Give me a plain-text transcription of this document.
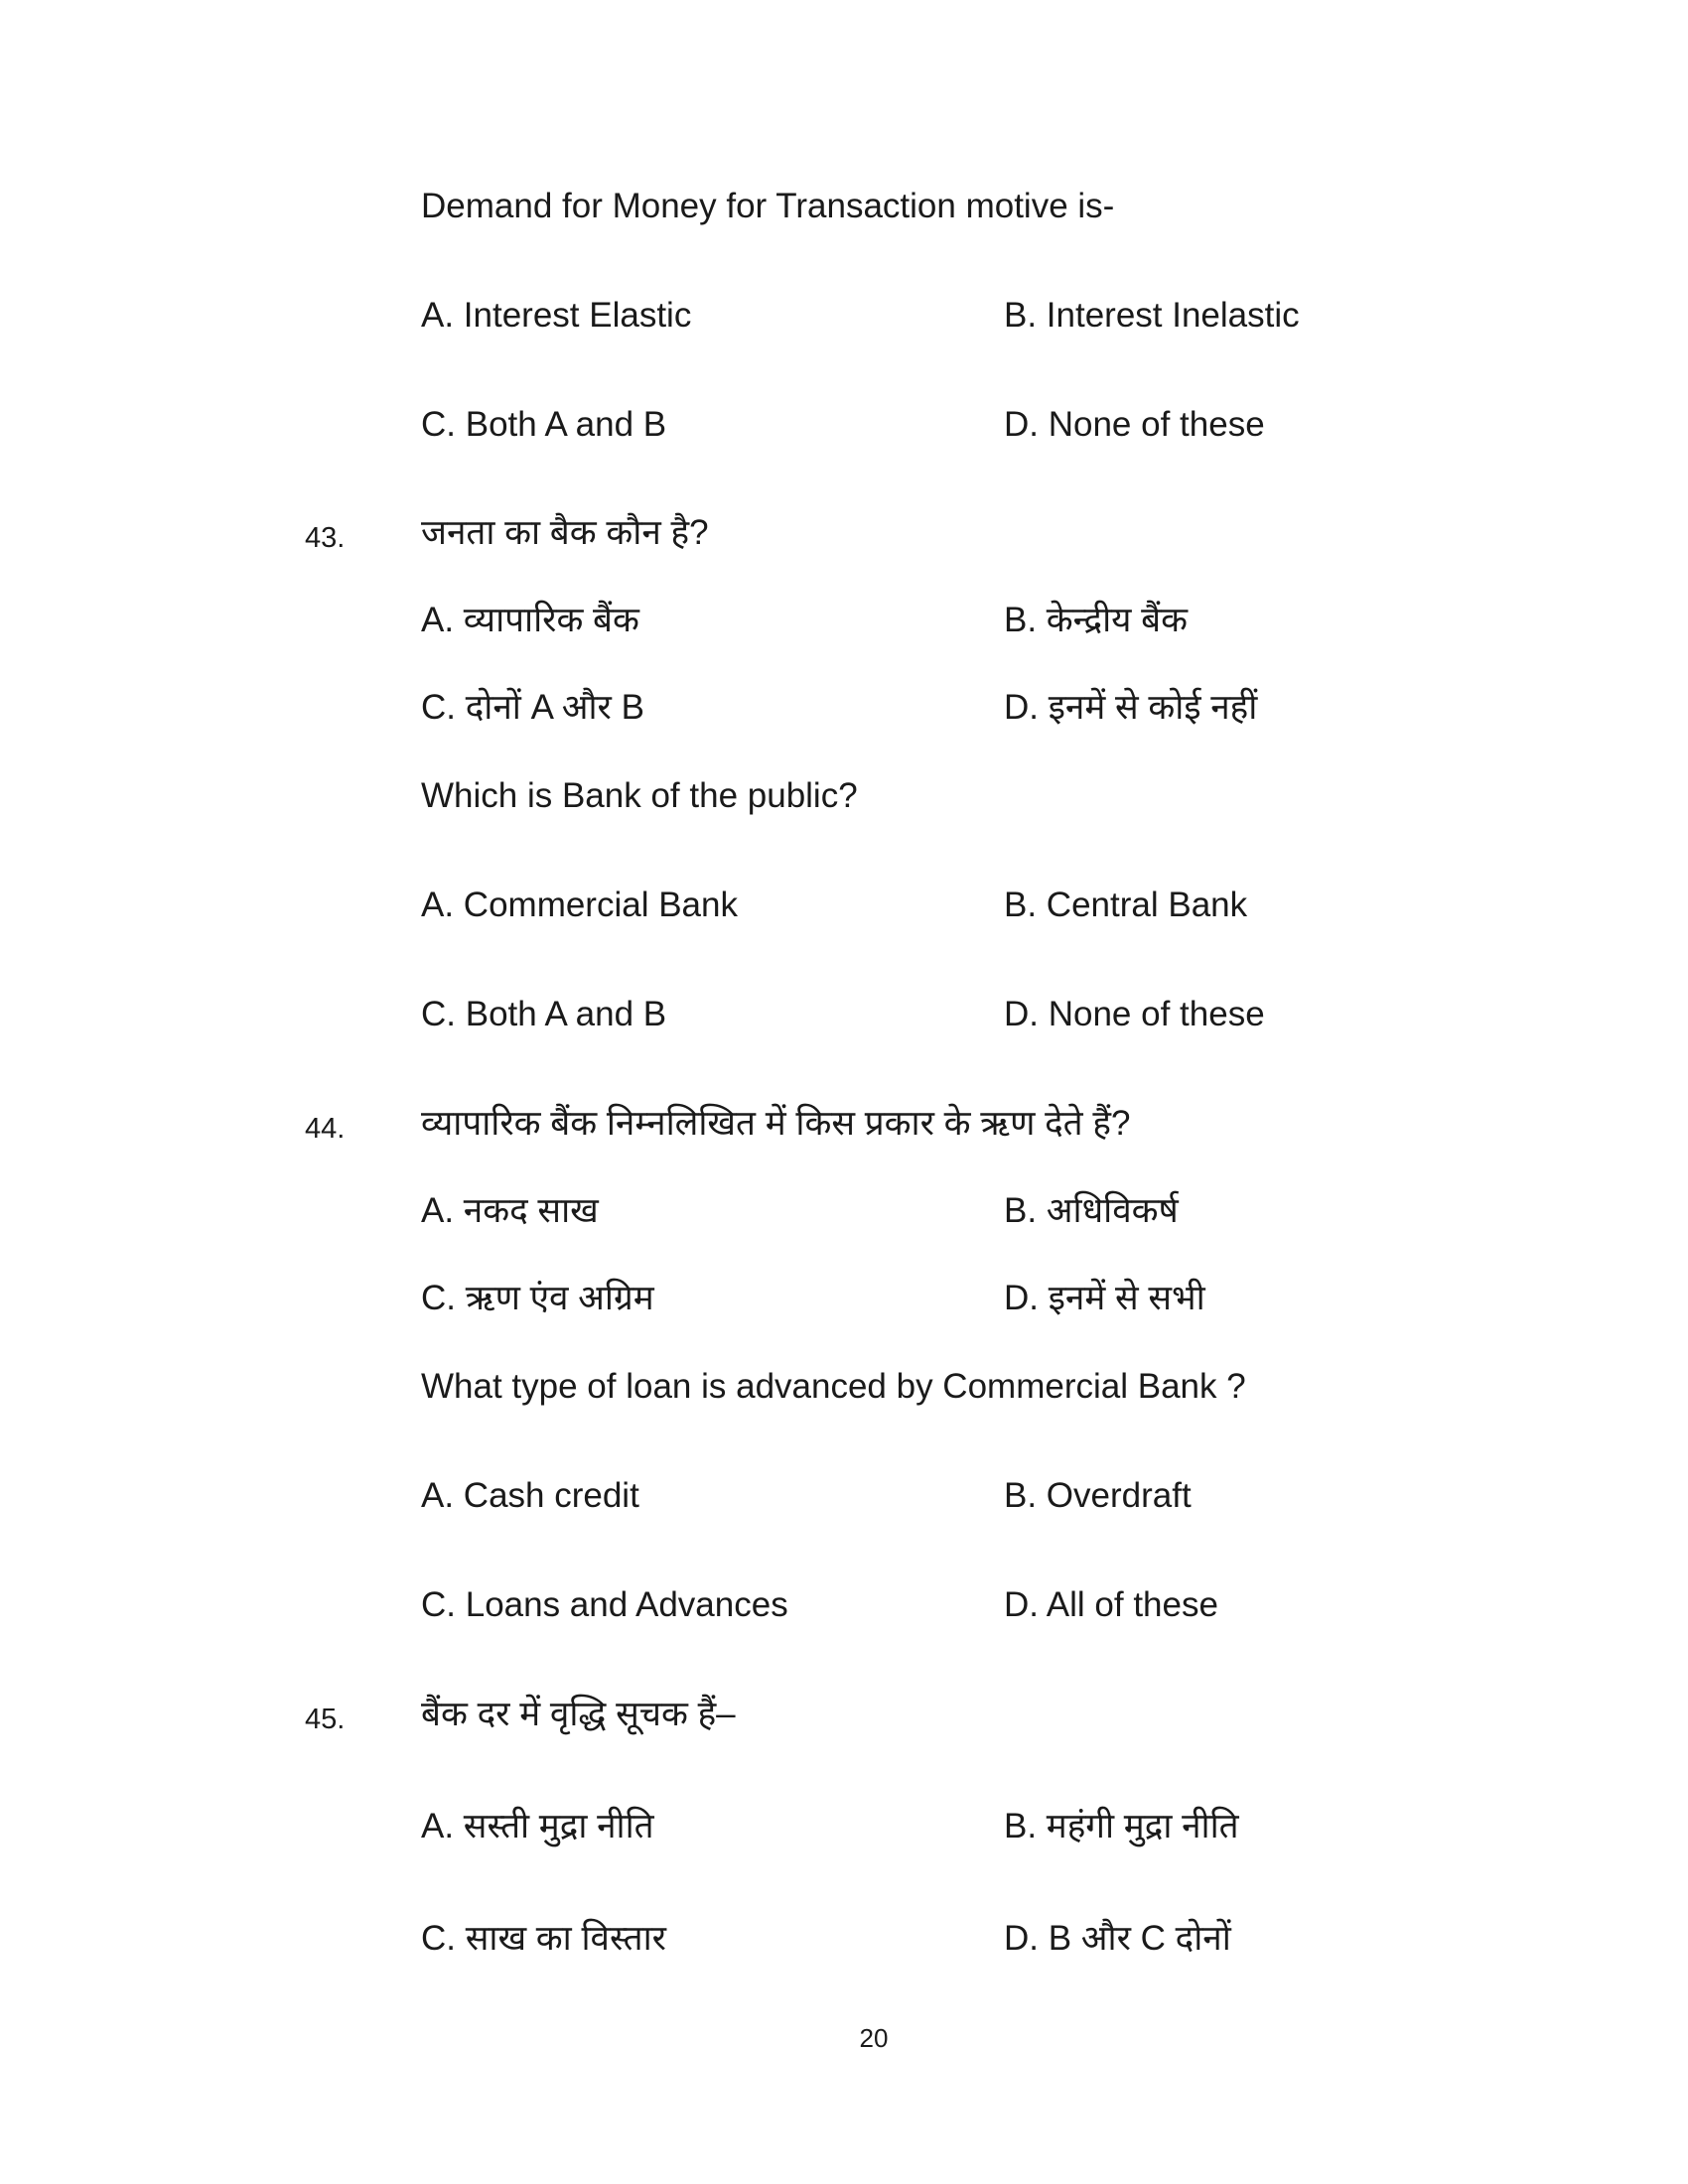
Demand for Money for Transaction motive is-
A. Interest Elastic	B. Interest Inelastic
C. Both A and B	D. None of these
43. जनता का बैक कौन है?
A. व्यापारिक बैंक	B. केन्द्रीय बैंक
C. दोनों A और B	D. इनमें से कोई नहीं
Which is Bank of the public?
A. Commercial Bank	B. Central Bank
C. Both A and B	D. None of these
44. व्यापारिक बैंक निम्नलिखित में किस प्रकार के ऋण देते हैं?
A. नकद साख	B. अधिविकर्ष
C. ऋण एंव अग्रिम	D. इनमें से सभी
What type of loan is advanced by Commercial Bank ?
A. Cash credit	B. Overdraft
C. Loans and Advances	D. All of these
45. बैंक दर में वृद्धि सूचक हैं–
A. सस्ती मुद्रा नीति	B. महंगी मुद्रा नीति
C. साख का विस्तार	D. B और C दोनों
20
